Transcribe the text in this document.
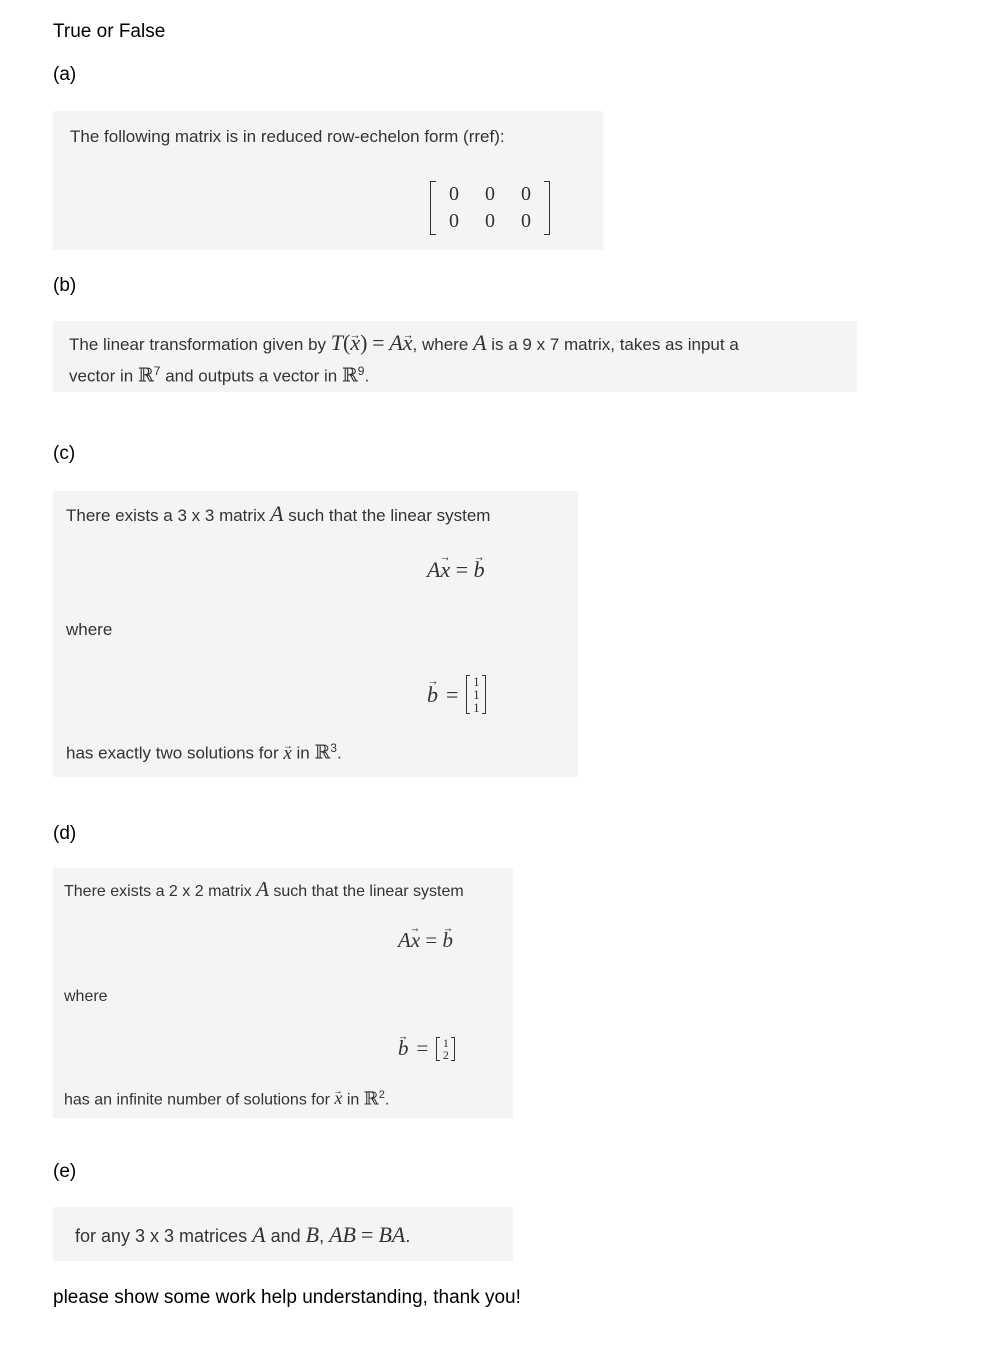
True or False
(a)
The following matrix is in reduced row-echelon form (rref):
0	0	0
0	0	0
(b)
The linear transformation given by T(→ x) = A→ x, where A is a 9 x 7 matrix, takes as input a
vector in ℝ$^7$ and outputs a vector in ℝ$^9$.
(c)
There exists a 3 x 3 matrix A such that the linear system
A→ x = → b
where
→ b = 1
1
1
has exactly two solutions for → x in ℝ$^3$.
(d)
There exists a 2 x 2 matrix A such that the linear system
A→ x = → b
where
→ b = 1
2
has an infinite number of solutions for → x in ℝ$^2$.
(e)
for any 3 x 3 matrices A and B, AB = BA.
please show some work help understanding, thank you!
